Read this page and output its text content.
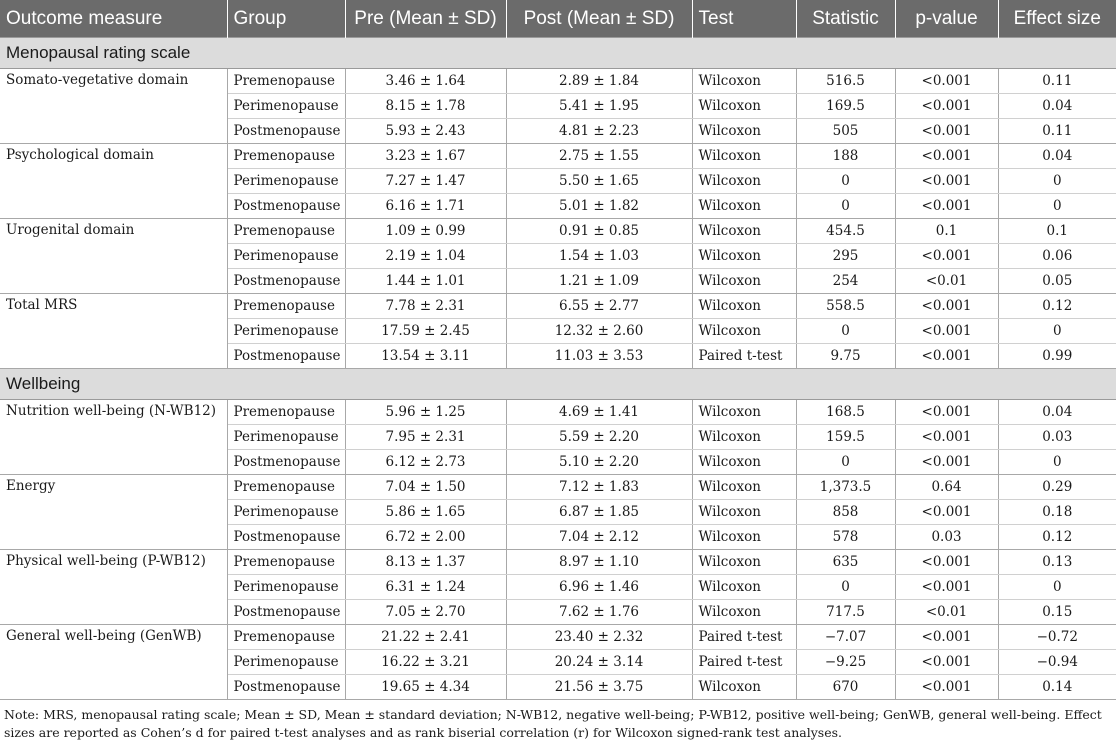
Outcome measure	Group	Pre (Mean ± SD)	Post (Mean ± SD)	Test	Statistic	p-value	Effect size
Menopausal rating scale							
Somato-vegetative domain	Premenopause	3.46 ± 1.64	2.89 ± 1.84	Wilcoxon	516.5	<0.001	0.11
	Perimenopause	8.15 ± 1.78	5.41 ± 1.95	Wilcoxon	169.5	<0.001	0.04
	Postmenopause	5.93 ± 2.43	4.81 ± 2.23	Wilcoxon	505	<0.001	0.11
Psychological domain	Premenopause	3.23 ± 1.67	2.75 ± 1.55	Wilcoxon	188	<0.001	0.04
	Perimenopause	7.27 ± 1.47	5.50 ± 1.65	Wilcoxon	0	<0.001	0
	Postmenopause	6.16 ± 1.71	5.01 ± 1.82	Wilcoxon	0	<0.001	0
Urogenital domain	Premenopause	1.09 ± 0.99	0.91 ± 0.85	Wilcoxon	454.5	0.1	0.1
	Perimenopause	2.19 ± 1.04	1.54 ± 1.03	Wilcoxon	295	<0.001	0.06
	Postmenopause	1.44 ± 1.01	1.21 ± 1.09	Wilcoxon	254	<0.01	0.05
Total MRS	Premenopause	7.78 ± 2.31	6.55 ± 2.77	Wilcoxon	558.5	<0.001	0.12
	Perimenopause	17.59 ± 2.45	12.32 ± 2.60	Wilcoxon	0	<0.001	0
	Postmenopause	13.54 ± 3.11	11.03 ± 3.53	Paired t-test	9.75	<0.001	0.99
Wellbeing							
Nutrition well-being (N-WB12)	Premenopause	5.96 ± 1.25	4.69 ± 1.41	Wilcoxon	168.5	<0.001	0.04
	Perimenopause	7.95 ± 2.31	5.59 ± 2.20	Wilcoxon	159.5	<0.001	0.03
	Postmenopause	6.12 ± 2.73	5.10 ± 2.20	Wilcoxon	0	<0.001	0
Energy	Premenopause	7.04 ± 1.50	7.12 ± 1.83	Wilcoxon	1,373.5	0.64	0.29
	Perimenopause	5.86 ± 1.65	6.87 ± 1.85	Wilcoxon	858	<0.001	0.18
	Postmenopause	6.72 ± 2.00	7.04 ± 2.12	Wilcoxon	578	0.03	0.12
Physical well-being (P-WB12)	Premenopause	8.13 ± 1.37	8.97 ± 1.10	Wilcoxon	635	<0.001	0.13
	Perimenopause	6.31 ± 1.24	6.96 ± 1.46	Wilcoxon	0	<0.001	0
	Postmenopause	7.05 ± 2.70	7.62 ± 1.76	Wilcoxon	717.5	<0.01	0.15
General well-being (GenWB)	Premenopause	21.22 ± 2.41	23.40 ± 2.32	Paired t-test	−7.07	<0.001	−0.72
	Perimenopause	16.22 ± 3.21	20.24 ± 3.14	Paired t-test	−9.25	<0.001	−0.94
	Postmenopause	19.65 ± 4.34	21.56 ± 3.75	Wilcoxon	670	<0.001	0.14
Note: MRS, menopausal rating scale; Mean ± SD, Mean ± standard deviation; N-WB12, negative well-being; P-WB12, positive well-being; GenWB, general well-being. Effect sizes are reported as Cohen’s d for paired t-test analyses and as rank biserial correlation (r) for Wilcoxon signed-rank test analyses.
